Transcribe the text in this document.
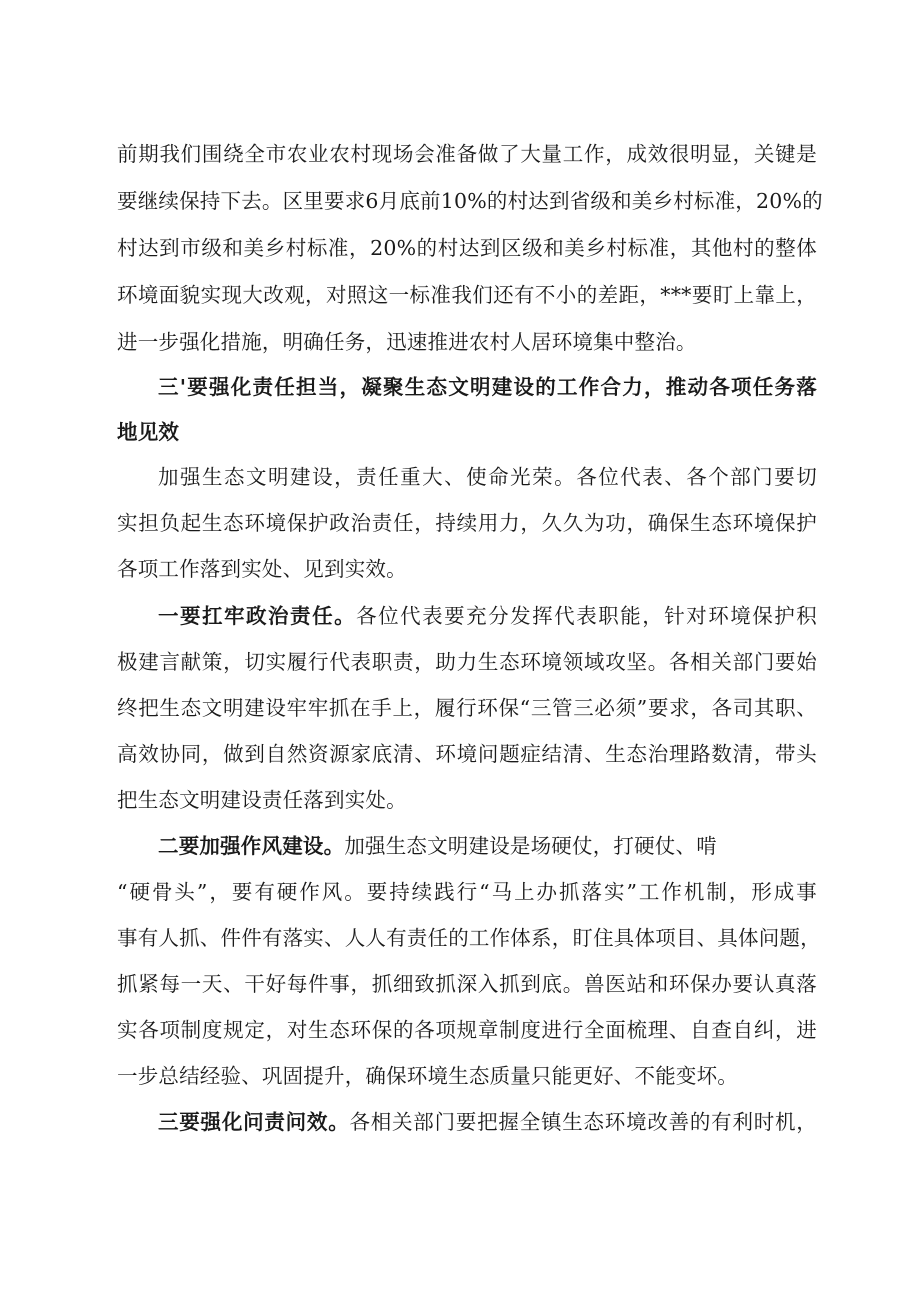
前期我们围绕全市农业农村现场会准备做了大量工作，成效很明显，关键是
要继续保持下去。区里要求6月底前10%的村达到省级和美乡村标准，20%的
村达到市级和美乡村标准，20%的村达到区级和美乡村标准，其他村的整体
环境面貌实现大改观，对照这一标准我们还有不小的差距，***要盯上靠上，
进一步强化措施，明确任务，迅速推进农村人居环境集中整治。
三'要强化责任担当，凝聚生态文明建设的工作合力，推动各项任务落
地见效
加强生态文明建设，责任重大、使命光荣。各位代表、各个部门要切
实担负起生态环境保护政治责任，持续用力，久久为功，确保生态环境保护
各项工作落到实处、见到实效。
一要扛牢政治责任。各位代表要充分发挥代表职能，针对环境保护积
极建言献策，切实履行代表职责，助力生态环境领域攻坚。各相关部门要始
终把生态文明建设牢牢抓在手上，履行环保“三管三必须”要求，各司其职、
高效协同，做到自然资源家底清、环境问题症结清、生态治理路数清，带头
把生态文明建设责任落到实处。
二要加强作风建设。加强生态文明建设是场硬仗，打硬仗、啃
“硬骨头”，要有硬作风。要持续践行“马上办抓落实”工作机制，形成事
事有人抓、件件有落实、人人有责任的工作体系，盯住具体项目、具体问题，
抓紧每一天、干好每件事，抓细致抓深入抓到底。兽医站和环保办要认真落
实各项制度规定，对生态环保的各项规章制度进行全面梳理、自查自纠，进
一步总结经验、巩固提升，确保环境生态质量只能更好、不能变坏。
三要强化问责问效。各相关部门要把握全镇生态环境改善的有利时机，
